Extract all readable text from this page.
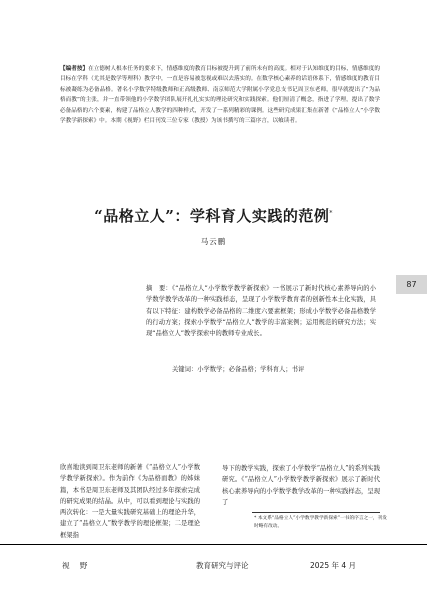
【编者按】在立德树人根本任务的要求下，情感维度的教育目标被提升到了前所未有的高度。相对于认知维度的目标，情感维度的目标在学科（尤其是数学等理科）教学中，一直是容易被忽视或难以去落实的。在数学核心素养的话语体系下，情感维度的教育目标被凝练为必备品格。著名小学数学特级教师和正高级教师、南京师范大学附属小学党总支书记周卫东老师，很早就提出了“为品格而教”的主张，并一直带领他的小学数学团队展开扎扎实实的理论研究和实践探索。他们厘清了概念，指进了学理，提出了数学必备品格的六个要素，构建了品格立人教学的四种样式，开发了一系列精彩的课例。这些研究成果汇集在新著《“品格立人”小学数学教学新探索》中。本期《视野》栏目刊发三位专家（教授）为该书撰写的三篇序言，以飨读者。
“品格立人”：学科育人实践的范例*
马云鹏
87
摘　要：《“品格立人”小学数学教学新探索》一书展示了新时代核心素养导向的小学数学教学改革的一种实践样态，呈现了小学数学教育者的创新性本土化实践，具有以下特征：建构数学必备品格的二维度六要素框架；形成小学数学必备品格教学的行动方案；探索小学数学“品格立人”教学的丰富案例；运用规范的研究方法；实现“品格立人”教学探索中的教师专业成长。
关键词：小学数学；必备品格；学科育人；书评
欣喜地读到周卫东老师的新著《“品格立人”小学数学教学新探索》。作为前作《为品格而教》的姊妹篇，本书是周卫东老师及其团队经过多年探索完成的研究成果的结晶。从中，可以看到理论与实践的两次转化：一是大量实践研究基础上的理论升华，建立了“品格立人”数学教学的理论框架；二是理论框架指
导下的教学实践，探索了小学数学“品格立人”的系列实践研究。《“品格立人”小学数学教学新探索》展示了新时代核心素养导向的小学数学教学改革的一种实践样态，呈现了
* 本文系“品格立人”小学数学教学新探索”一书的序言之一，刊发时略有改动。
视 野	教育研究与评论	2025 年 4 月
